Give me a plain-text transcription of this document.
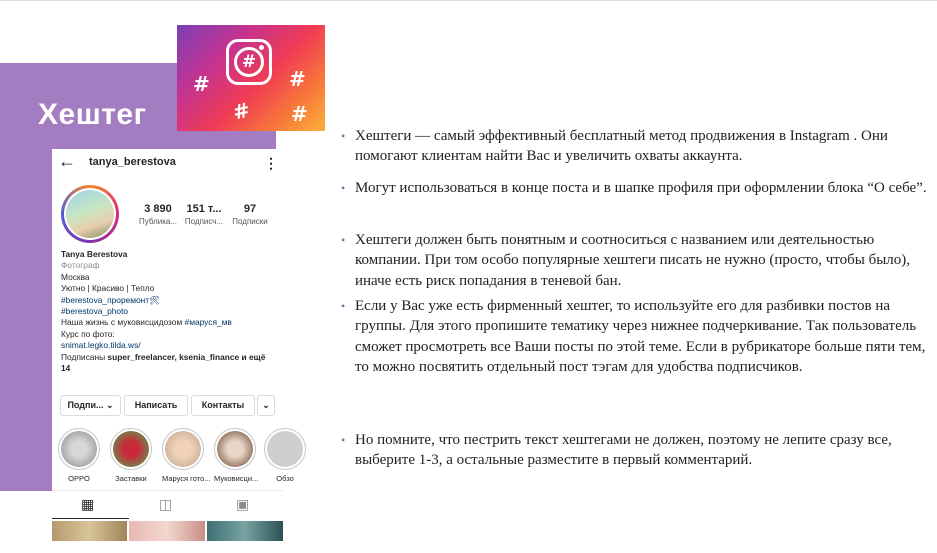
#
#	#
# #
Хештег
← tanya_berestova	⋮
3 890
Публика...
151 т...
Подписч...
97
Подписки
Tanya Berestova
Фотограф
Москва
Уютно | Красиво | Тепло
#berestova_проремонт🛠
#berestova_photo
Наша жизнь с муковисцидозом #маруся_мв
Курс по фото:
snimat.legko.tilda.ws/
Подписаны super_freelancer, ksenia_finance и ещё
14
Подпи... ⌄	Написать	Контакты	⌄
OPPO	Заставки	Маруся гото... Муковисци...	Обзо
▦	◫	▣
• Хештеги — самый эффективный бесплатный метод продвижения в Instagram . Они помогают клиентам найти Вас и увеличить охваты аккаунта.
• Могут использоваться в конце поста и в шапке профиля при оформлении блока “О себе”.
• Хештеги должен быть понятным и соотноситься с названием или деятельностью компании. При том особо популярные хештеги писать не нужно (просто, чтобы было), иначе есть риск попадания в теневой бан.
• Если у Вас уже есть фирменный хештег, то используйте его для разбивки постов на группы. Для этого пропишите тематику через нижнее подчеркивание. Так пользователь сможет просмотреть все Ваши посты по этой теме. Если в рубрикаторе больше пяти тем, то можно посвятить отдельный пост тэгам для удобства подписчиков.
• Но помните, что пестрить текст хештегами не должен, поэтому не лепите сразу все, выберите 1-3, а остальные разместите в первый комментарий.
